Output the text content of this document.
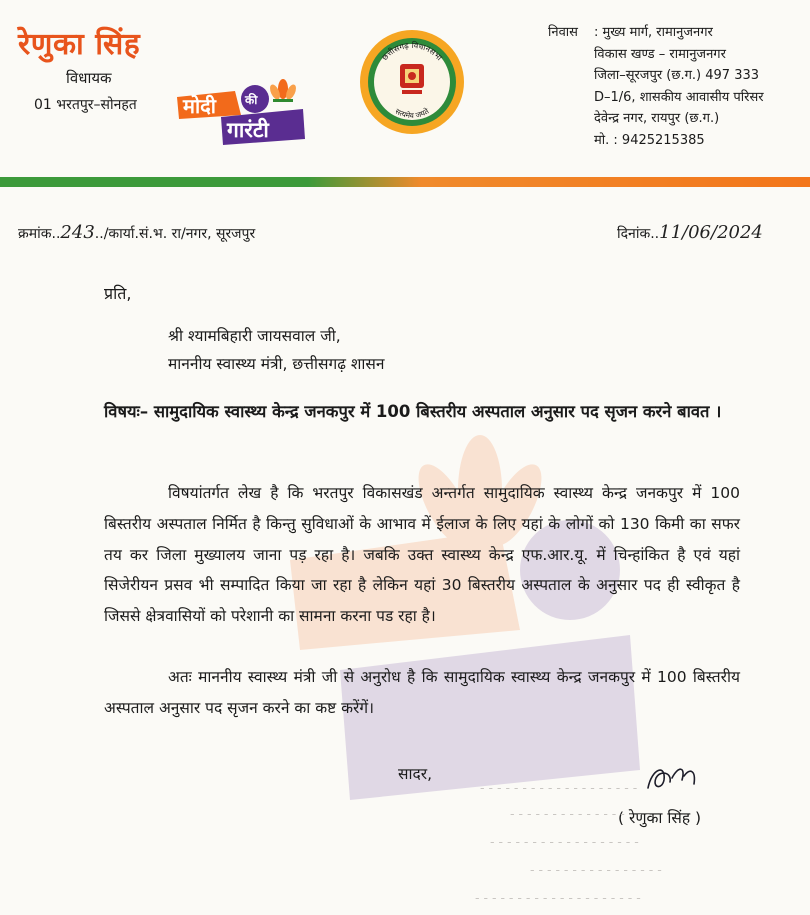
रेणुका सिंह
विधायक
01 भरतपुर–सोनहत मोदी की
गारंटी
छत्तीसगढ़ विधानसभा
सत्यमेव जयते
निवास : मुख्य मार्ग, रामानुजनगर
विकास खण्ड – रामानुजनगर
जिला–सूरजपुर (छ.ग.) 497 333
D–1/6, शासकीय आवासीय परिसर
देवेन्द्र नगर, रायपुर (छ.ग.)
मो. : 9425215385
क्रमांक..243../कार्या.सं.भ. रा/नगर, सूरजपुर	दिनांक..11/06/2024
प्रति,
श्री श्यामबिहारी जायसवाल जी,
माननीय स्वास्थ्य मंत्री, छत्तीसगढ़ शासन
विषयः– सामुदायिक स्वास्थ्य केन्द्र जनकपुर में 100 बिस्तरीय अस्पताल अनुसार पद सृजन करने बावत ।
विषयांतर्गत लेख है कि भरतपुर विकासखंड अन्तर्गत सामुदायिक स्वास्थ्य केन्द्र जनकपुर में 100 बिस्तरीय अस्पताल निर्मित है किन्तु सुविधाओं के आभाव में ईलाज के लिए यहां के लोगों को 130 किमी का सफर तय कर जिला मुख्यालय जाना पड़ रहा है। जबकि उक्त स्वास्थ्य केन्द्र एफ.आर.यू. में चिन्हांकित है एवं यहां सिजेरीयन प्रसव भी सम्पादित किया जा रहा है लेकिन यहां 30 बिस्तरीय अस्पताल के अनुसार पद ही स्वीकृत है जिससे क्षेत्रवासियों को परेशानी का सामना करना पड रहा है।
अतः माननीय स्वास्थ्य मंत्री जी से अनुरोध है कि सामुदायिक स्वास्थ्य केन्द्र जनकपुर में 100 बिस्तरीय अस्पताल अनुसार पद सृजन करने का कष्ट करेंगें।
सादर,
( रेणुका सिंह )
- - - - - - - - - - - - - - - - - - -
- - - - - - - - - - - - - - - - -
- - - - - - - - - - - - - - - - - -
- - - - - - - - - - - - - - - -
- - - - - - - - - - - - - - - - - - - -
